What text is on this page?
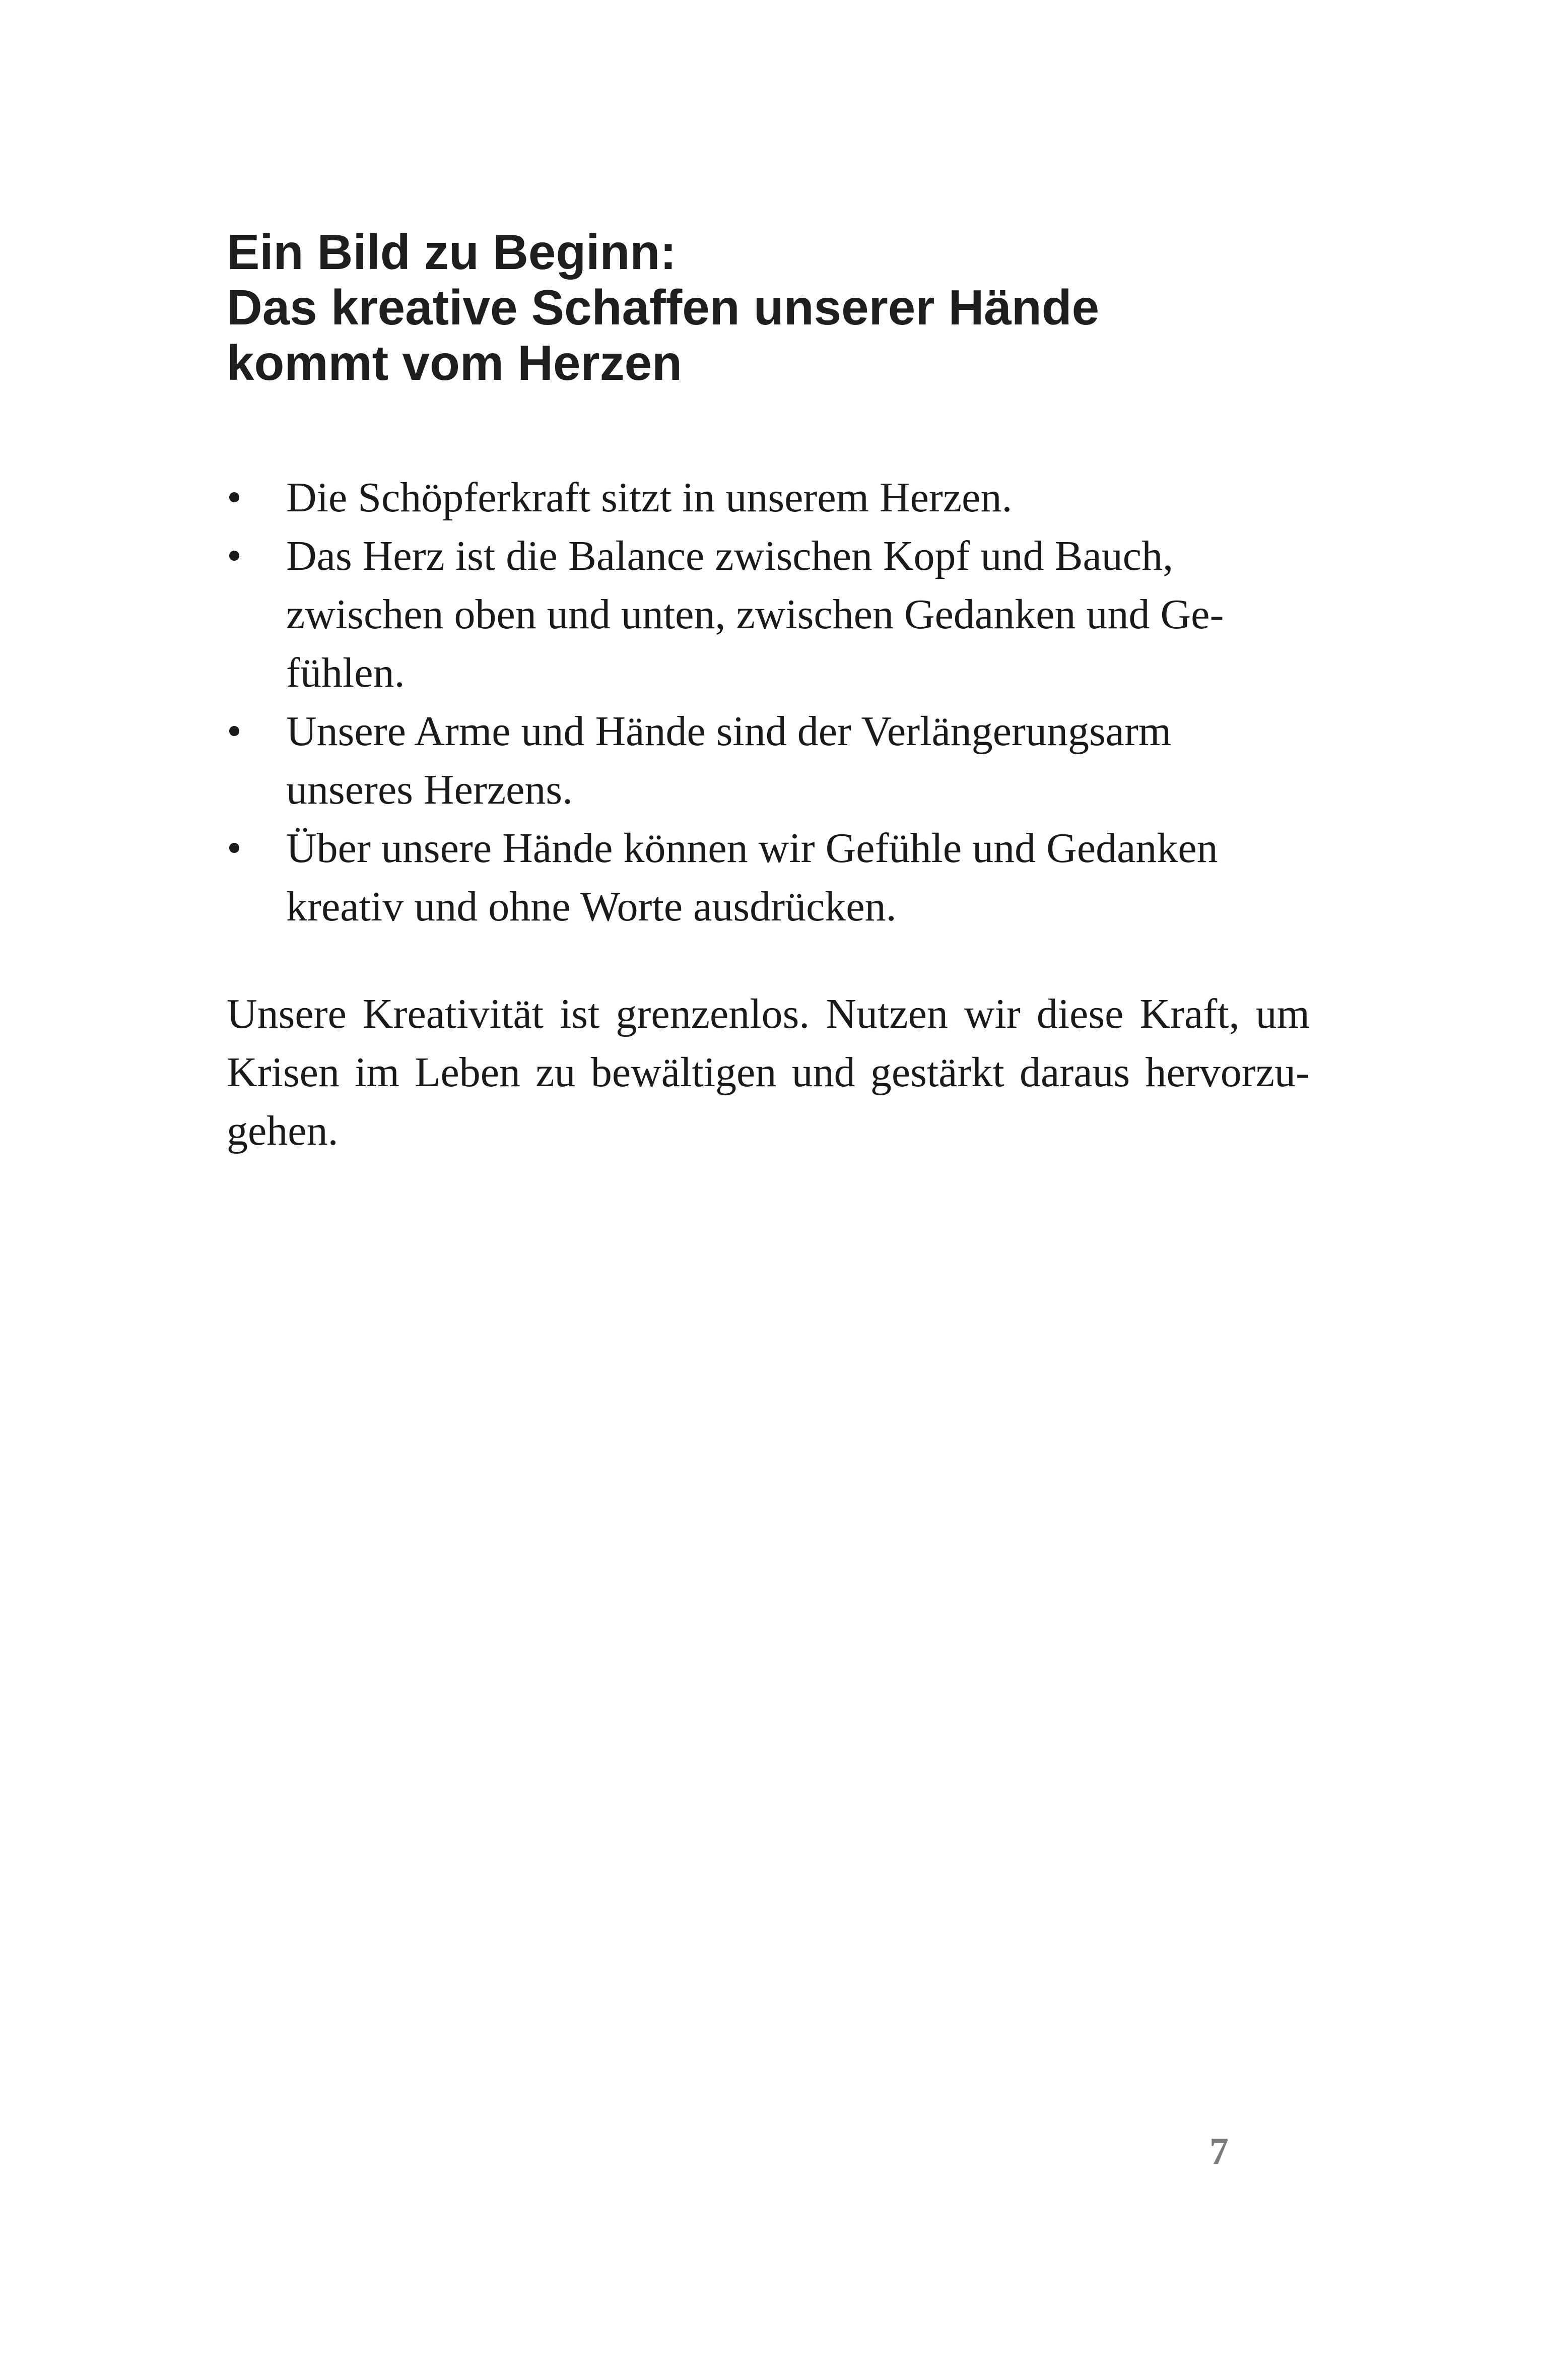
Ein Bild zu Beginn:
Das kreative Schaffen unserer Hände
kommt vom Herzen
• Die Schöpferkraft sitzt in unserem Herzen.
• Das Herz ist die Balance zwischen Kopf und Bauch,
zwischen oben und unten, zwischen Gedanken und Ge-
fühlen.
• Unsere Arme und Hände sind der Verlängerungsarm
unseres Herzens.
• Über unsere Hände können wir Gefühle und Gedanken
kreativ und ohne Worte ausdrücken.
Unsere Kreativität ist grenzenlos. Nutzen wir diese Kraft, um
Krisen im Leben zu bewältigen und gestärkt daraus hervorzu-
gehen.
7
